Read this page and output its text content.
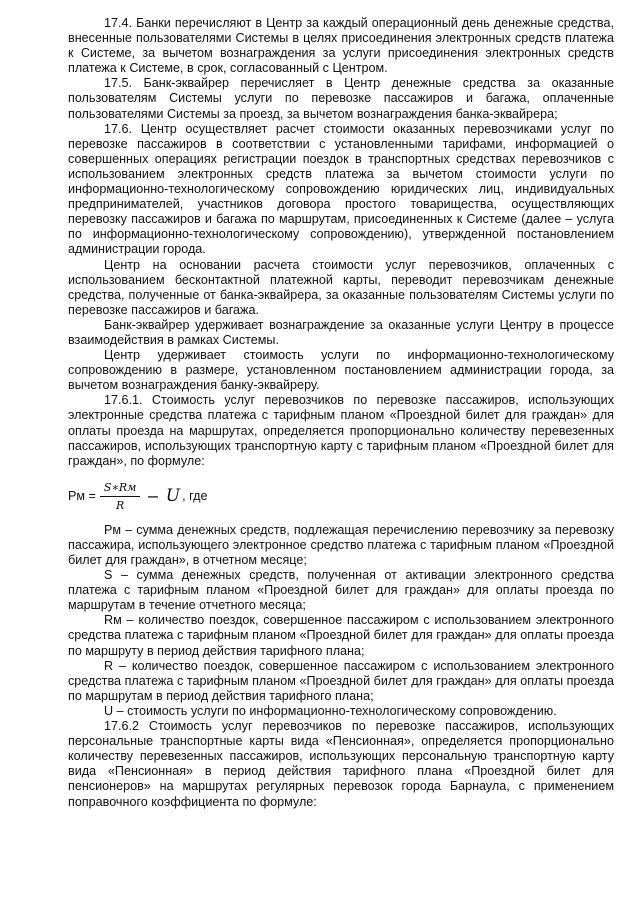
17.4. Банки перечисляют в Центр за каждый операционный день денежные средства, внесенные пользователями Системы в целях присоединения электронных средств платежа к Системе, за вычетом вознаграждения за услуги присоединения электронных средств платежа к Системе, в срок, согласованный с Центром.

17.5. Банк-эквайрер перечисляет в Центр денежные средства за оказанные пользователям Системы услуги по перевозке пассажиров и багажа, оплаченные пользователями Системы за проезд, за вычетом вознаграждения банка-эквайрера;

17.6. Центр осуществляет расчет стоимости оказанных перевозчиками услуг по перевозке пассажиров в соответствии с установленными тарифами, информацией о совершенных операциях регистрации поездок в транспортных средствах перевозчиков с использованием электронных средств платежа за вычетом стоимости услуги по информационно-технологическому сопровождению юридических лиц, индивидуальных предпринимателей, участников договора простого товарищества, осуществляющих перевозку пассажиров и багажа по маршрутам, присоединенных к Системе (далее – услуга по информационно-технологическому сопровождению), утвержденной постановлением администрации города.

Центр на основании расчета стоимости услуг перевозчиков, оплаченных с использованием бесконтактной платежной карты, переводит перевозчикам денежные средства, полученные от банка-эквайрера, за оказанные пользователям Системы услуги по перевозке пассажиров и багажа.

Банк-эквайрер удерживает вознаграждение за оказанные услуги Центру в процессе взаимодействия в рамках Системы.

Центр удерживает стоимость услуги по информационно-технологическому сопровождению в размере, установленном постановлением администрации города, за вычетом вознаграждения банку-эквайреру.

17.6.1. Стоимость услуг перевозчиков по перевозке пассажиров, использующих электронные средства платежа с тарифным планом «Проездной билет для граждан» для оплаты проезда на маршрутах, определяется пропорционально количеству перевезенных пассажиров, использующих транспортную карту с тарифным планом «Проездной билет для граждан», по формуле:

Рм = $\frac{S∗Rм}{R} - U$ , где

Рм – сумма денежных средств, подлежащая перечислению перевозчику за перевозку пассажира, использующего электронное средство платежа с тарифным планом «Проездной билет для граждан», в отчетном месяце;

S – сумма денежных средств, полученная от активации электронного средства платежа с тарифным планом «Проездной билет для граждан» для оплаты проезда по маршрутам в течение отчетного месяца;

Rм – количество поездок, совершенное пассажиром с использованием электронного средства платежа с тарифным планом «Проездной билет для граждан» для оплаты проезда по маршруту в период действия тарифного плана;

R – количество поездок, совершенное пассажиром с использованием электронного средства платежа с тарифным планом «Проездной билет для граждан» для оплаты проезда по маршрутам в период действия тарифного плана;

U – стоимость услуги по информационно-технологическому сопровождению.

17.6.2 Стоимость услуг перевозчиков по перевозке пассажиров, использующих персональные транспортные карты вида «Пенсионная», определяется пропорционально количеству перевезенных пассажиров, использующих персональную транспортную карту вида «Пенсионная» в период действия тарифного плана «Проездной билет для пенсионеров» на маршрутах регулярных перевозок города Барнаула, с применением поправочного коэффициента по формуле:
